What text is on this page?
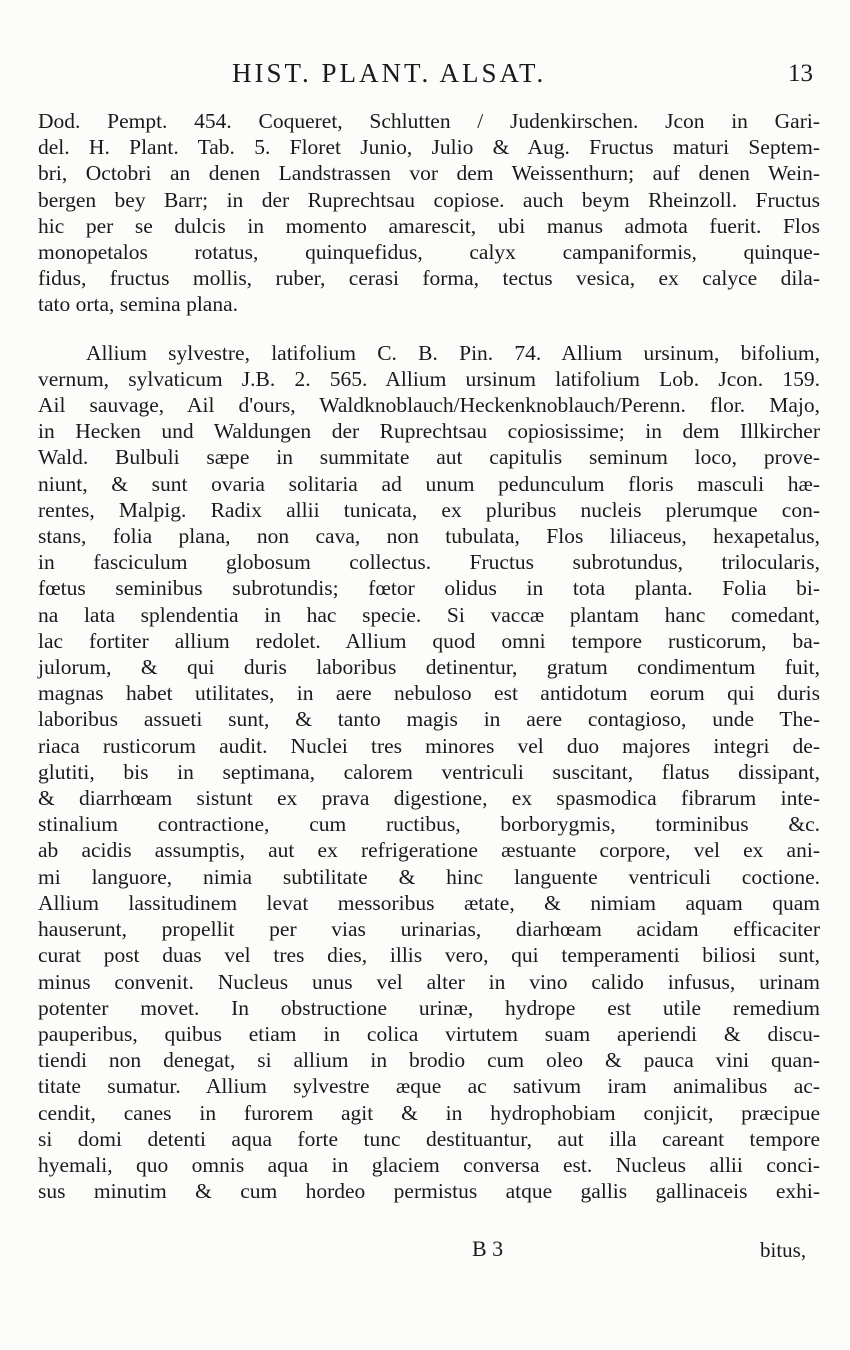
HIST. PLANT. ALSAT.	13
Dod. Pempt. 454. Coqueret, Schlutten / Judenkirschen. Jcon in Gari-
del. H. Plant. Tab. 5. Floret Junio, Julio & Aug. Fructus maturi Septem-
bri, Octobri an denen Landstrassen vor dem Weissenthurn; auf denen Wein-
bergen bey Barr; in der Ruprechtsau copiose. auch beym Rheinzoll. Fructus
hic per se dulcis in momento amarescit, ubi manus admota fuerit. Flos
monopetalos rotatus, quinquefidus, calyx campaniformis, quinque-
fidus, fructus mollis, ruber, cerasi forma, tectus vesica, ex calyce dila-
tato orta, semina plana.
Allium sylvestre, latifolium C. B. Pin. 74. Allium ursinum, bifolium,
vernum, sylvaticum J.B. 2. 565. Allium ursinum latifolium Lob. Jcon. 159.
Ail sauvage, Ail d'ours, Waldknoblauch/Heckenknoblauch/Perenn. flor. Majo,
in Hecken und Waldungen der Ruprechtsau copiosissime; in dem Illkircher
Wald. Bulbuli sæpe in summitate aut capitulis seminum loco, prove-
niunt, & sunt ovaria solitaria ad unum pedunculum floris masculi hæ-
rentes, Malpig. Radix allii tunicata, ex pluribus nucleis plerumque con-
stans, folia plana, non cava, non tubulata, Flos liliaceus, hexapetalus,
in fasciculum globosum collectus. Fructus subrotundus, trilocularis,
fœtus seminibus subrotundis; fœtor olidus in tota planta. Folia bi-
na lata splendentia in hac specie. Si vaccæ plantam hanc comedant,
lac fortiter allium redolet. Allium quod omni tempore rusticorum, ba-
julorum, & qui duris laboribus detinentur, gratum condimentum fuit,
magnas habet utilitates, in aere nebuloso est antidotum eorum qui duris
laboribus assueti sunt, & tanto magis in aere contagioso, unde The-
riaca rusticorum audit. Nuclei tres minores vel duo majores integri de-
glutiti, bis in septimana, calorem ventriculi suscitant, flatus dissipant,
& diarrhœam sistunt ex prava digestione, ex spasmodica fibrarum inte-
stinalium contractione, cum ructibus, borborygmis, torminibus &c.
ab acidis assumptis, aut ex refrigeratione æstuante corpore, vel ex ani-
mi languore, nimia subtilitate & hinc languente ventriculi coctione.
Allium lassitudinem levat messoribus ætate, & nimiam aquam quam
hauserunt, propellit per vias urinarias, diarhœam acidam efficaciter
curat post duas vel tres dies, illis vero, qui temperamenti biliosi sunt,
minus convenit. Nucleus unus vel alter in vino calido infusus, urinam
potenter movet. In obstructione urinæ, hydrope est utile remedium
pauperibus, quibus etiam in colica virtutem suam aperiendi & discu-
tiendi non denegat, si allium in brodio cum oleo & pauca vini quan-
titate sumatur. Allium sylvestre æque ac sativum iram animalibus ac-
cendit, canes in furorem agit & in hydrophobiam conjicit, præcipue
si domi detenti aqua forte tunc destituantur, aut illa careant tempore
hyemali, quo omnis aqua in glaciem conversa est. Nucleus allii conci-
sus minutim & cum hordeo permistus atque gallis gallinaceis exhi-
B 3	bitus,
